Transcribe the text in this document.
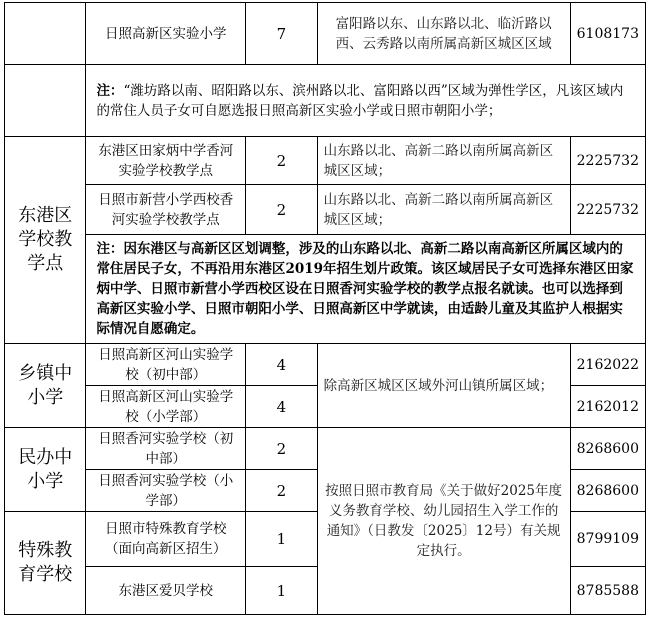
	日照高新区实验小学	7	富阳路以东、山东路以北、临沂路以西、云秀路以南所属高新区城区区域	6108173
	注：“潍坊路以南、昭阳路以东、滨州路以北、富阳路以西”区域为弹性学区，凡该区域内的常住人员子女可自愿选报日照高新区实验小学或日照市朝阳小学；			
东港区学校教学点	东港区田家炳中学香河实验学校教学点	2	山东路以北、高新二路以南所属高新区城区区域；	2225732
	日照市新营小学西校香河实验学校教学点	2	山东路以北、高新二路以南所属高新区城区区域；	2225732
	注：因东港区与高新区区划调整，涉及的山东路以北、高新二路以南高新区所属区域内的常住居民子女，不再沿用东港区2019年招生划片政策。该区域居民子女可选择东港区田家炳中学、日照市新营小学西校区设在日照香河实验学校的教学点报名就读。也可以选择到高新区实验小学、日照市朝阳小学、日照高新区中学就读，由适龄儿童及其监护人根据实际情况自愿确定。			
乡镇中小学	日照高新区河山实验学校（初中部）	4	除高新区城区区域外河山镇所属区域；	2162022
	日照高新区河山实验学校（小学部）	4		2162012
民办中小学	日照香河实验学校（初中部）	2	按照日照市教育局《关于做好2025年度义务教育学校、幼儿园招生入学工作的通知》（日教发〔2025〕12号）有关规定执行。	8268600
	日照香河实验学校（小学部）	2		8268600
特殊教育学校	日照市特殊教育学校（面向高新区招生）	1		8799109
	东港区爱贝学校	1		8785588
